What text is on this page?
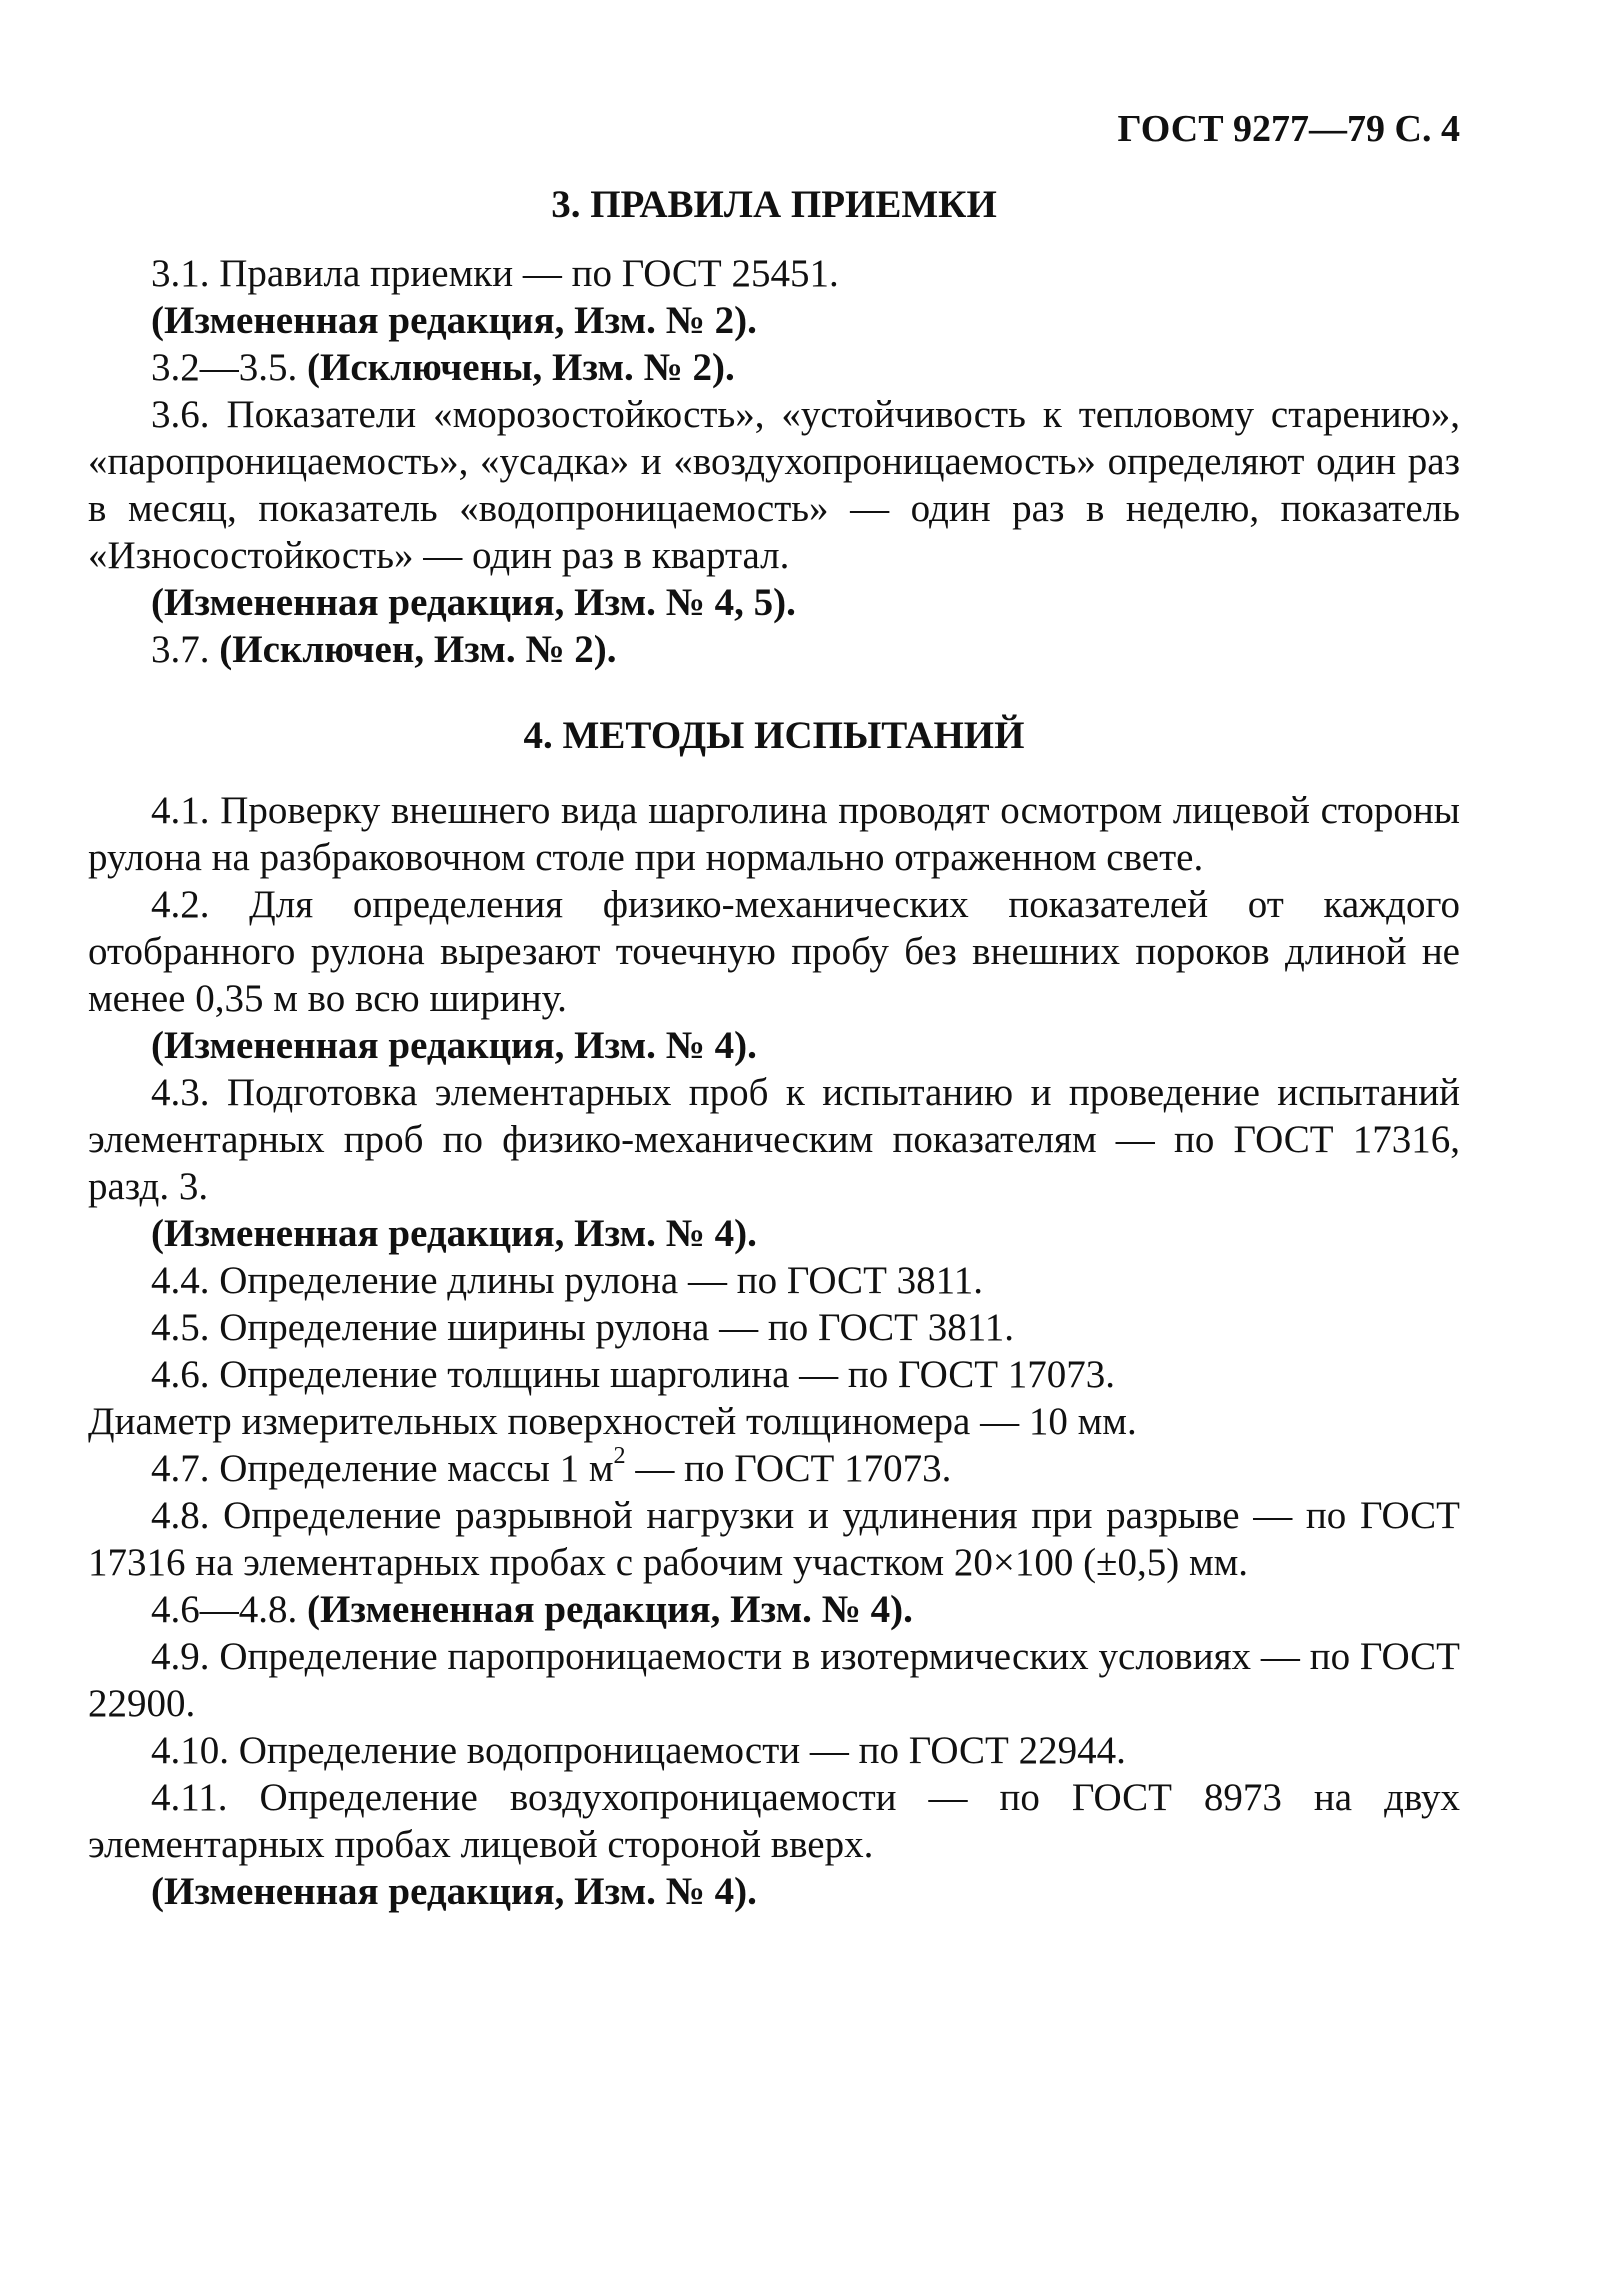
ГОСТ 9277—79 С. 4
3. ПРАВИЛА ПРИЕМКИ

3.1. Правила приемки — по ГОСТ 25451.

(Измененная редакция, Изм. № 2).

3.2—3.5. (Исключены, Изм. № 2).

3.6. Показатели «морозостойкость», «устойчивость к тепловому старению», «паропроницаемость», «усадка» и «воздухопроницаемость» определяют один раз в месяц, показатель «водопроницаемость» — один раз в неделю, показатель «Износостойкость» — один раз в квартал.

(Измененная редакция, Изм. № 4, 5).

3.7. (Исключен, Изм. № 2).

4. МЕТОДЫ ИСПЫТАНИЙ

4.1. Проверку внешнего вида шарголина проводят осмотром лицевой стороны рулона на разбраковочном столе при нормально отраженном свете.

4.2. Для определения физико-механических показателей от каждого отобранного рулона вырезают точечную пробу без внешних пороков длиной не менее 0,35 м во всю ширину.

(Измененная редакция, Изм. № 4).

4.3. Подготовка элементарных проб к испытанию и проведение испытаний элементарных проб по физико-механическим показателям — по ГОСТ 17316, разд. 3.

(Измененная редакция, Изм. № 4).

4.4. Определение длины рулона — по ГОСТ 3811.

4.5. Определение ширины рулона — по ГОСТ 3811.

4.6. Определение толщины шарголина — по ГОСТ 17073.

Диаметр измерительных поверхностей толщиномера — 10 мм.

4.7. Определение массы 1 $м^2$ — по ГОСТ 17073.

4.8. Определение разрывной нагрузки и удлинения при разрыве — по ГОСТ 17316 на элементарных пробах с рабочим участком 20×100 (±0,5) мм.

4.6—4.8. (Измененная редакция, Изм. № 4).

4.9. Определение паропроницаемости в изотермических условиях — по ГОСТ 22900.

4.10. Определение водопроницаемости — по ГОСТ 22944.

4.11. Определение воздухопроницаемости — по ГОСТ 8973 на двух элементарных пробах лицевой стороной вверх.

(Измененная редакция, Изм. № 4).
